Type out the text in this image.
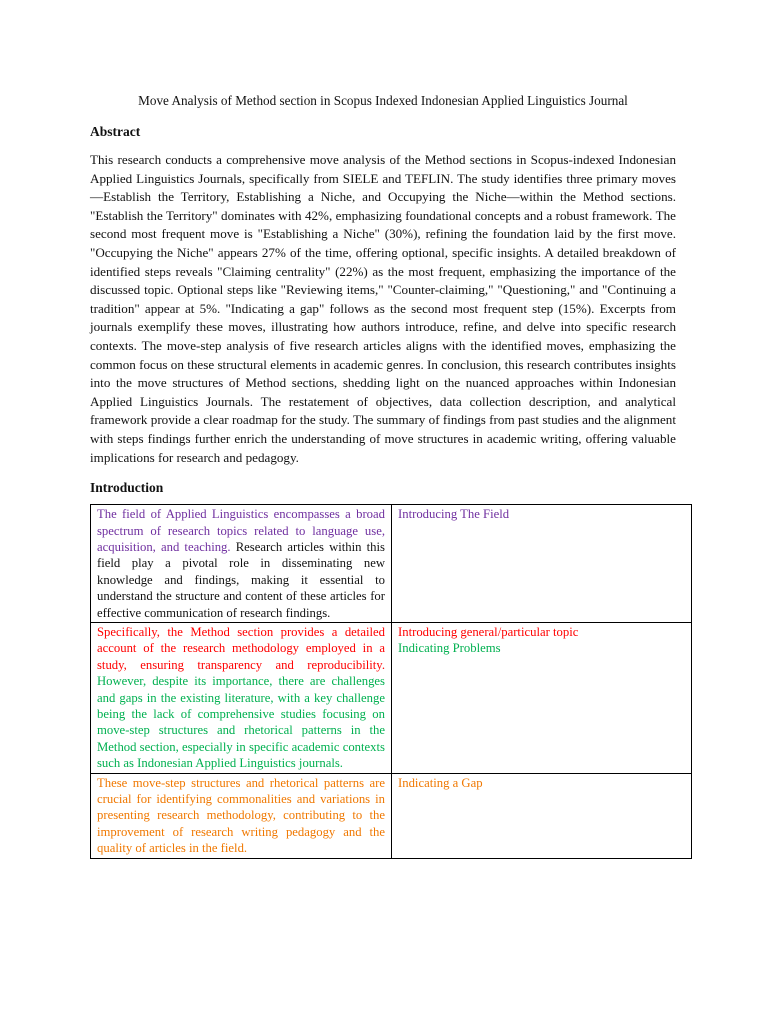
Move Analysis of Method section in Scopus Indexed Indonesian Applied Linguistics Journal
Abstract
This research conducts a comprehensive move analysis of the Method sections in Scopus-indexed Indonesian Applied Linguistics Journals, specifically from SIELE and TEFLIN. The study identifies three primary moves—Establish the Territory, Establishing a Niche, and Occupying the Niche—within the Method sections. "Establish the Territory" dominates with 42%, emphasizing foundational concepts and a robust framework. The second most frequent move is "Establishing a Niche" (30%), refining the foundation laid by the first move. "Occupying the Niche" appears 27% of the time, offering optional, specific insights. A detailed breakdown of identified steps reveals "Claiming centrality" (22%) as the most frequent, emphasizing the importance of the discussed topic. Optional steps like "Reviewing items," "Counter-claiming," "Questioning," and "Continuing a tradition" appear at 5%. "Indicating a gap" follows as the second most frequent step (15%). Excerpts from journals exemplify these moves, illustrating how authors introduce, refine, and delve into specific research contexts. The move-step analysis of five research articles aligns with the identified moves, emphasizing the common focus on these structural elements in academic genres. In conclusion, this research contributes insights into the move structures of Method sections, shedding light on the nuanced approaches within Indonesian Applied Linguistics Journals. The restatement of objectives, data collection description, and analytical framework provide a clear roadmap for the study. The summary of findings from past studies and the alignment with steps findings further enrich the understanding of move structures in academic writing, offering valuable implications for research and pedagogy.
Introduction
The field of Applied Linguistics encompasses a broad spectrum of research topics related to language use, acquisition, and teaching. Research articles within this field play a pivotal role in disseminating new knowledge and findings, making it essential to understand the structure and content of these articles for effective communication of research findings.	Introducing The Field

Specifically, the Method section provides a detailed account of the research methodology employed in a study, ensuring transparency and reproducibility. However, despite its importance, there are challenges and gaps in the existing literature, with a key challenge being the lack of comprehensive studies focusing on move-step structures and rhetorical patterns in the Method section, especially in specific academic contexts such as Indonesian Applied Linguistics journals.	Introducing general/particular topic
Indicating Problems

These move-step structures and rhetorical patterns are crucial for identifying commonalities and variations in presenting research methodology, contributing to the improvement of research writing pedagogy and the quality of articles in the field.	Indicating a Gap
